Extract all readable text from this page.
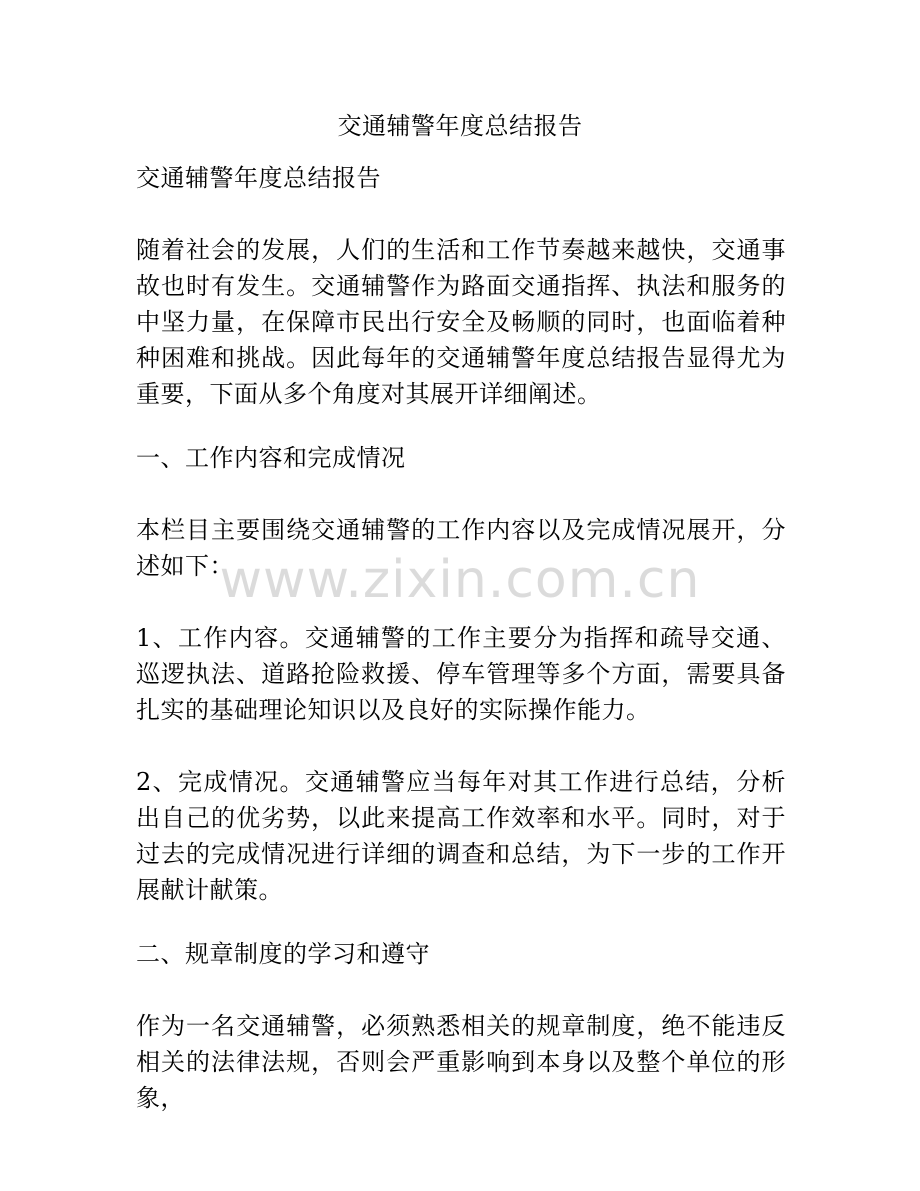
交通辅警年度总结报告
交通辅警年度总结报告
随着社会的发展，人们的生活和工作节奏越来越快，交通事故也时有发生。交通辅警作为路面交通指挥、执法和服务的中坚力量，在保障市民出行安全及畅顺的同时，也面临着种种困难和挑战。因此每年的交通辅警年度总结报告显得尤为重要，下面从多个角度对其展开详细阐述。
一、工作内容和完成情况
本栏目主要围绕交通辅警的工作内容以及完成情况展开，分述如下：
1、工作内容。交通辅警的工作主要分为指挥和疏导交通、巡逻执法、道路抢险救援、停车管理等多个方面，需要具备扎实的基础理论知识以及良好的实际操作能力。
2、完成情况。交通辅警应当每年对其工作进行总结，分析出自己的优劣势，以此来提高工作效率和水平。同时，对于过去的完成情况进行详细的调查和总结，为下一步的工作开展献计献策。
二、规章制度的学习和遵守
作为一名交通辅警，必须熟悉相关的规章制度，绝不能违反相关的法律法规，否则会严重影响到本身以及整个单位的形象，
www.zixin.com.cn
